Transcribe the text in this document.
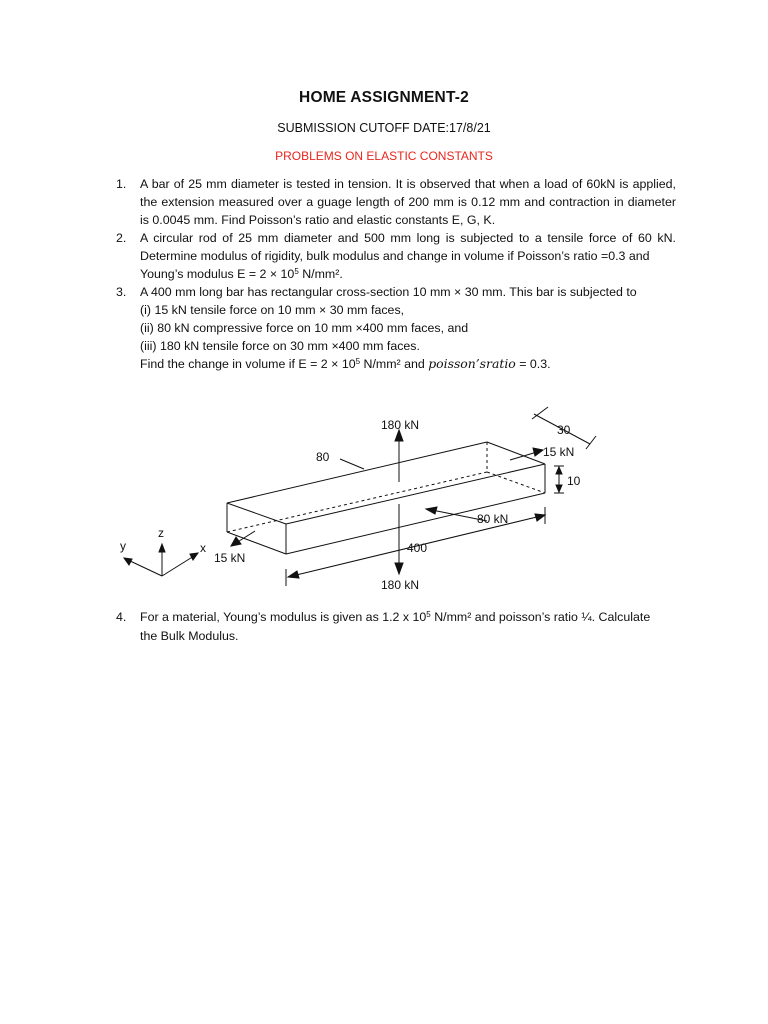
HOME ASSIGNMENT-2
SUBMISSION CUTOFF DATE:17/8/21
PROBLEMS ON ELASTIC CONSTANTS
1.	A bar of 25 mm diameter is tested in tension. It is observed that when a load of 60kN is applied, the extension measured over a guage length of 200 mm is 0.12 mm and contraction in diameter is 0.0045 mm. Find Poisson’s ratio and elastic constants E, G, K.
2.	A circular rod of 25 mm diameter and 500 mm long is subjected to a tensile force of 60 kN. Determine modulus of rigidity, bulk modulus and change in volume if Poisson’s ratio =0.3 and
Young’s modulus $E = 2 \times 10^5$ N/mm².
3.	A 400 mm long bar has rectangular cross-section 10 mm × 30 mm. This bar is subjected to
(i) 15 kN tensile force on 10 mm × 30 mm faces,
(ii) 80 kN compressive force on 10 mm ×400 mm faces, and
(iii) 180 kN tensile force on 30 mm ×400 mm faces.
Find the change in volume if $E = 2 \times 10^5$ N/mm² and poisson’sratio = 0.3.
180 kN
180 kN
80
30
15 kN
10
80 kN
400
15 kN
z
y	x
4.	For a material, Young’s modulus is given as 1.2 x $10^5$ N/mm² and poisson’s ratio ¼. Calculate
the Bulk Modulus.
